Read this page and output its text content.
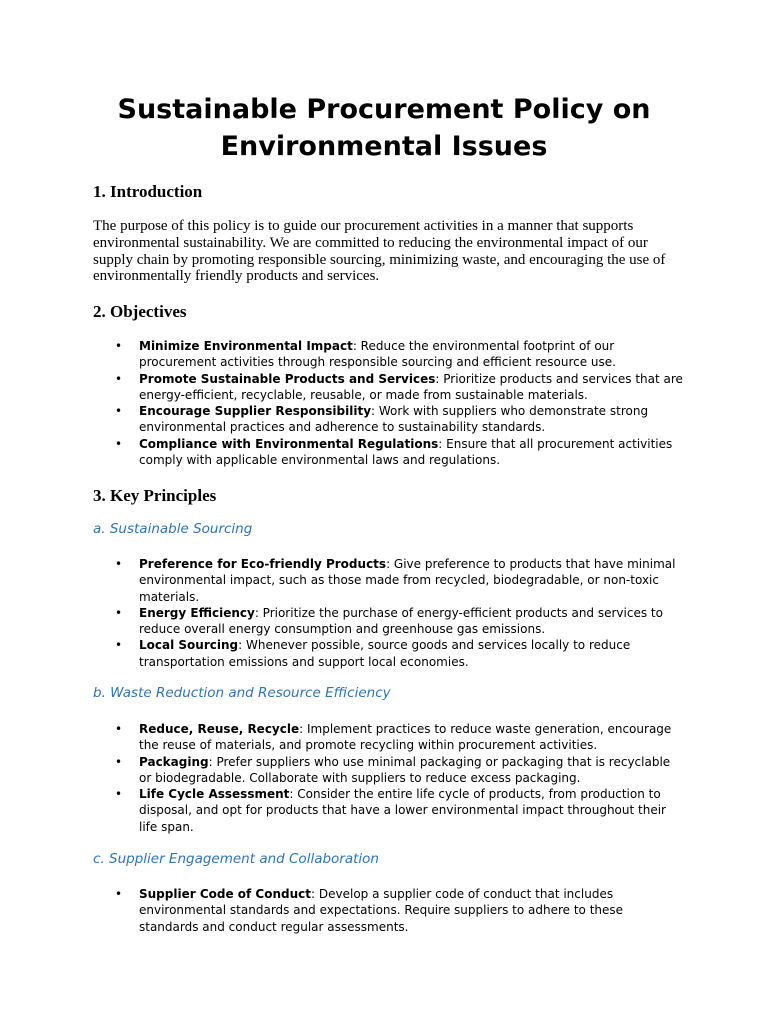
Sustainable Procurement Policy on Environmental Issues
1. Introduction

The purpose of this policy is to guide our procurement activities in a manner that supports environmental sustainability. We are committed to reducing the environmental impact of our supply chain by promoting responsible sourcing, minimizing waste, and encouraging the use of environmentally friendly products and services.

2. Objectives
• Minimize Environmental Impact: Reduce the environmental footprint of our procurement activities through responsible sourcing and efficient resource use.
• Promote Sustainable Products and Services: Prioritize products and services that are energy-efficient, recyclable, reusable, or made from sustainable materials.
• Encourage Supplier Responsibility: Work with suppliers who demonstrate strong environmental practices and adherence to sustainability standards.
• Compliance with Environmental Regulations: Ensure that all procurement activities comply with applicable environmental laws and regulations.
3. Key Principles
a. Sustainable Sourcing
• Preference for Eco-friendly Products: Give preference to products that have minimal environmental impact, such as those made from recycled, biodegradable, or non-toxic materials.
• Energy Efficiency: Prioritize the purchase of energy-efficient products and services to reduce overall energy consumption and greenhouse gas emissions.
• Local Sourcing: Whenever possible, source goods and services locally to reduce transportation emissions and support local economies.
b. Waste Reduction and Resource Efficiency
• Reduce, Reuse, Recycle: Implement practices to reduce waste generation, encourage the reuse of materials, and promote recycling within procurement activities.
• Packaging: Prefer suppliers who use minimal packaging or packaging that is recyclable or biodegradable. Collaborate with suppliers to reduce excess packaging.
• Life Cycle Assessment: Consider the entire life cycle of products, from production to disposal, and opt for products that have a lower environmental impact throughout their life span.
c. Supplier Engagement and Collaboration
• Supplier Code of Conduct: Develop a supplier code of conduct that includes environmental standards and expectations. Require suppliers to adhere to these standards and conduct regular assessments.
